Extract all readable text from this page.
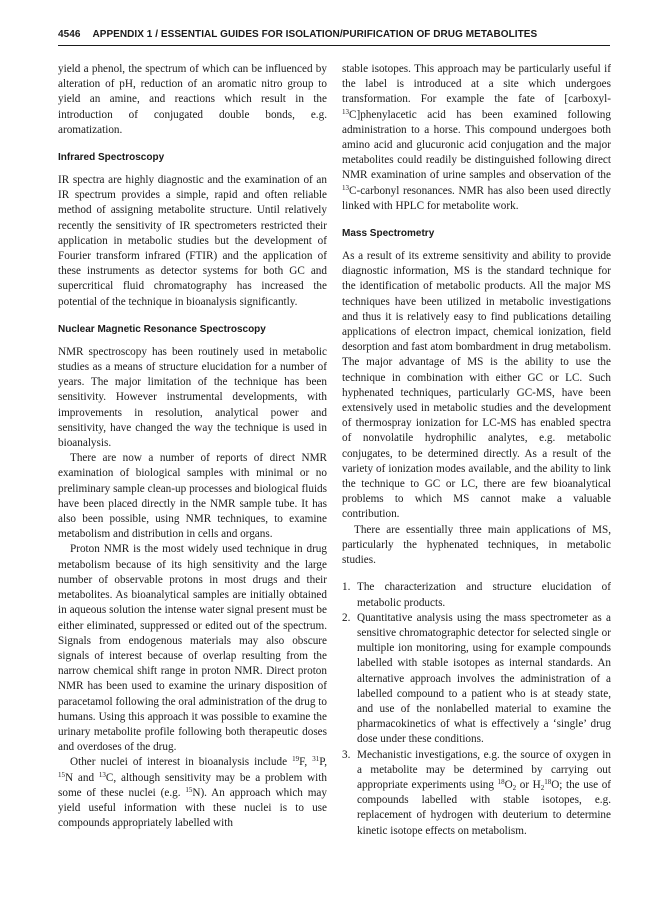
4546 APPENDIX 1 / ESSENTIAL GUIDES FOR ISOLATION/PURIFICATION OF DRUG METABOLITES

yield a phenol, the spectrum of which can be influenced by alteration of pH, reduction of an aromatic nitro group to yield an amine, and reactions which result in the introduction of conjugated double bonds, e.g. aromatization.

Infrared Spectroscopy

IR spectra are highly diagnostic and the examination of an IR spectrum provides a simple, rapid and often reliable method of assigning metabolite structure. Until relatively recently the sensitivity of IR spectrometers restricted their application in metabolic studies but the development of Fourier transform infrared (FTIR) and the application of these instruments as detector systems for both GC and supercritical fluid chromatography has increased the potential of the technique in bioanalysis significantly.

Nuclear Magnetic Resonance Spectroscopy

NMR spectroscopy has been routinely used in metabolic studies as a means of structure elucidation for a number of years. The major limitation of the technique has been sensitivity. However instrumental developments, with improvements in resolution, analytical power and sensitivity, have changed the way the technique is used in bioanalysis.

There are now a number of reports of direct NMR examination of biological samples with minimal or no preliminary sample clean-up processes and biological fluids have been placed directly in the NMR sample tube. It has also been possible, using NMR techniques, to examine metabolism and distribution in cells and organs.

Proton NMR is the most widely used technique in drug metabolism because of its high sensitivity and the large number of observable protons in most drugs and their metabolites. As bioanalytical samples are initially obtained in aqueous solution the intense water signal present must be either eliminated, suppressed or edited out of the spectrum. Signals from endogenous materials may also obscure signals of interest because of overlap resulting from the narrow chemical shift range in proton NMR. Direct proton NMR has been used to examine the urinary disposition of paracetamol following the oral administration of the drug to humans. Using this approach it was possible to examine the urinary metabolite profile following both therapeutic doses and overdoses of the drug.

Other nuclei of interest in bioanalysis include $^{19}$F, $^{31}$P, $^{15}$N and $^{13}$C, although sensitivity may be a problem with some of these nuclei (e.g. $^{15}$N). An approach which may yield useful information with these nuclei is to use compounds appropriately labelled with

stable isotopes. This approach may be particularly useful if the label is introduced at a site which undergoes transformation. For example the fate of [carboxyl-$^{13}$C]phenylacetic acid has been examined following administration to a horse. This compound undergoes both amino acid and glucuronic acid conjugation and the major metabolites could readily be distinguished following direct NMR examination of urine samples and observation of the $^{13}$C-carbonyl resonances. NMR has also been used directly linked with HPLC for metabolite work.

Mass Spectrometry

As a result of its extreme sensitivity and ability to provide diagnostic information, MS is the standard technique for the identification of metabolic products. All the major MS techniques have been utilized in metabolic investigations and thus it is relatively easy to find publications detailing applications of electron impact, chemical ionization, field desorption and fast atom bombardment in drug metabolism. The major advantage of MS is the ability to use the technique in combination with either GC or LC. Such hyphenated techniques, particularly GC-MS, have been extensively used in metabolic studies and the development of thermospray ionization for LC-MS has enabled spectra of nonvolatile hydrophilic analytes, e.g. metabolic conjugates, to be determined directly. As a result of the variety of ionization modes available, and the ability to link the technique to GC or LC, there are few bioanalytical problems to which MS cannot make a valuable contribution.

There are essentially three main applications of MS, particularly the hyphenated techniques, in metabolic studies.

1. The characterization and structure elucidation of metabolic products.
2. Quantitative analysis using the mass spectrometer as a sensitive chromatographic detector for selected single or multiple ion monitoring, using for example compounds labelled with stable isotopes as internal standards. An alternative approach involves the administration of a labelled compound to a patient who is at steady state, and use of the nonlabelled material to examine the pharmacokinetics of what is effectively a ‘single’ drug dose under these conditions.
3. Mechanistic investigations, e.g. the source of oxygen in a metabolite may be determined by carrying out appropriate experiments using $^{18}O_2$ or $H_2^{18}O$; the use of compounds labelled with stable isotopes, e.g. replacement of hydrogen with deuterium to determine kinetic isotope effects on metabolism.
